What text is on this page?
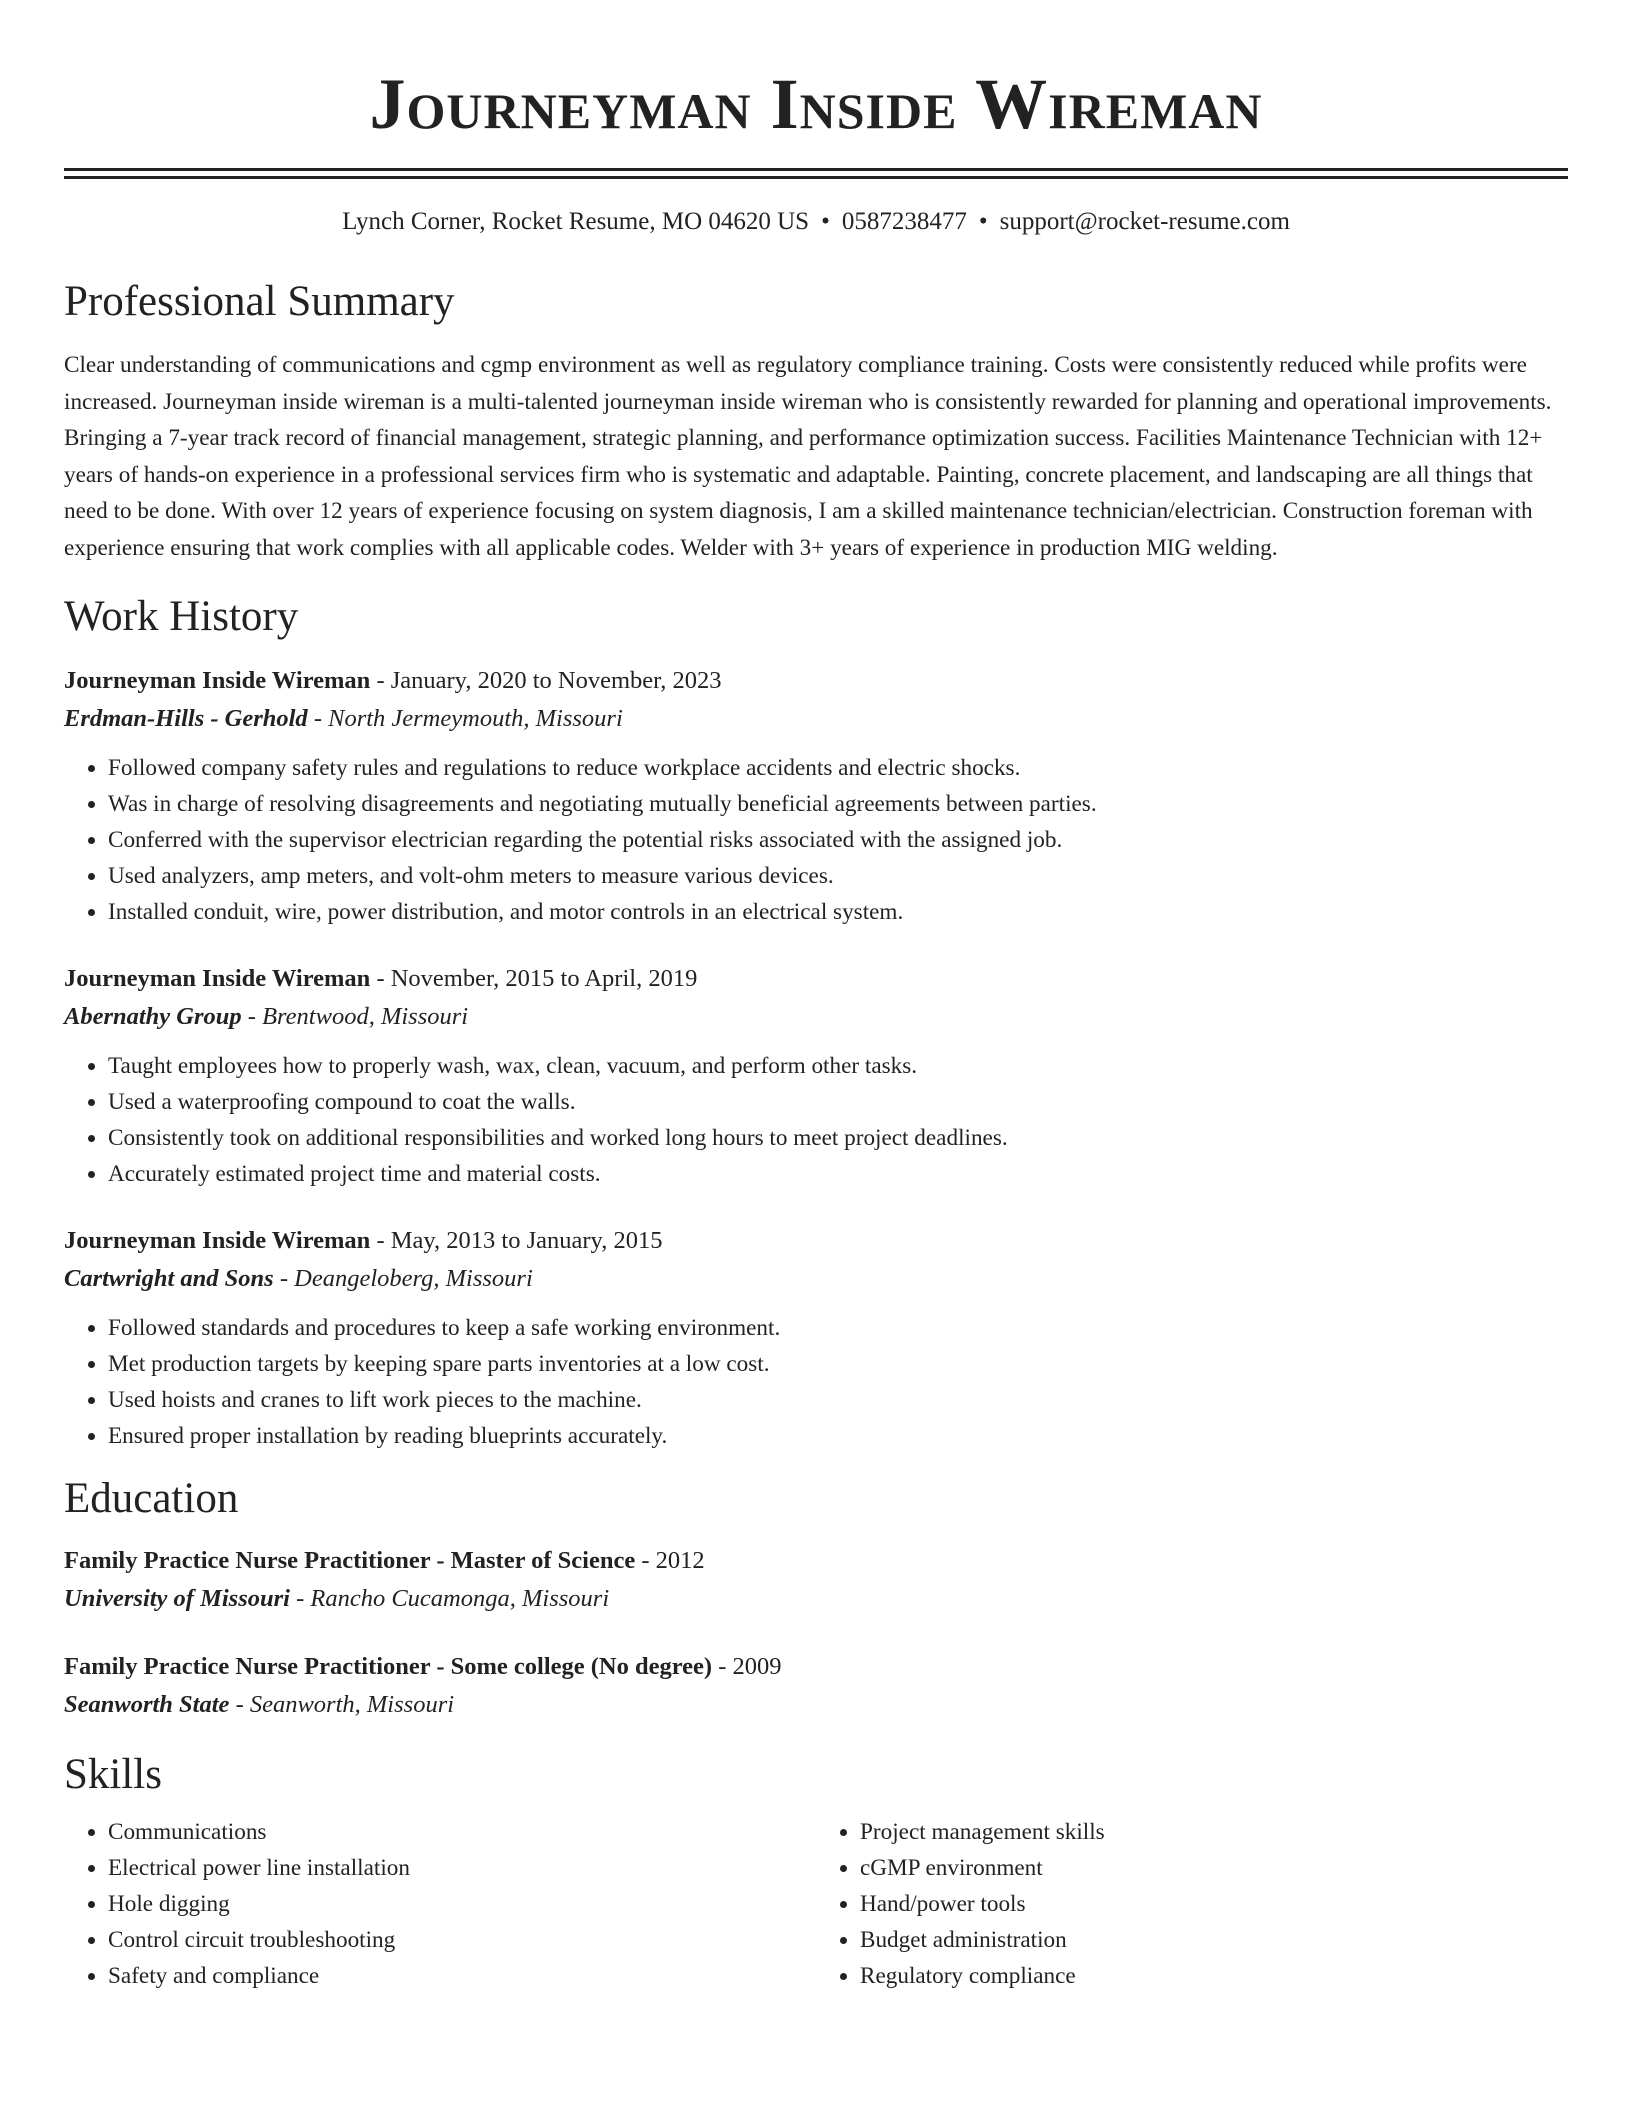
Journeyman Inside Wireman
Lynch Corner, Rocket Resume, MO 04620 US • 0587238477 • support@rocket-resume.com
Professional Summary
Clear understanding of communications and cgmp environment as well as regulatory compliance training. Costs were consistently reduced while profits were increased. Journeyman inside wireman is a multi-talented journeyman inside wireman who is consistently rewarded for planning and operational improvements. Bringing a 7-year track record of financial management, strategic planning, and performance optimization success. Facilities Maintenance Technician with 12+ years of hands-on experience in a professional services firm who is systematic and adaptable. Painting, concrete placement, and landscaping are all things that need to be done. With over 12 years of experience focusing on system diagnosis, I am a skilled maintenance technician/electrician. Construction foreman with experience ensuring that work complies with all applicable codes. Welder with 3+ years of experience in production MIG welding.
Work History
Journeyman Inside Wireman - January, 2020 to November, 2023
Erdman-Hills - Gerhold - North Jermeymouth, Missouri
• Followed company safety rules and regulations to reduce workplace accidents and electric shocks.
• Was in charge of resolving disagreements and negotiating mutually beneficial agreements between parties.
• Conferred with the supervisor electrician regarding the potential risks associated with the assigned job.
• Used analyzers, amp meters, and volt-ohm meters to measure various devices.
• Installed conduit, wire, power distribution, and motor controls in an electrical system.
Journeyman Inside Wireman - November, 2015 to April, 2019
Abernathy Group - Brentwood, Missouri
• Taught employees how to properly wash, wax, clean, vacuum, and perform other tasks.
• Used a waterproofing compound to coat the walls.
• Consistently took on additional responsibilities and worked long hours to meet project deadlines.
• Accurately estimated project time and material costs.
Journeyman Inside Wireman - May, 2013 to January, 2015
Cartwright and Sons - Deangeloberg, Missouri
• Followed standards and procedures to keep a safe working environment.
• Met production targets by keeping spare parts inventories at a low cost.
• Used hoists and cranes to lift work pieces to the machine.
• Ensured proper installation by reading blueprints accurately.
Education
Family Practice Nurse Practitioner - Master of Science - 2012
University of Missouri - Rancho Cucamonga, Missouri
Family Practice Nurse Practitioner - Some college (No degree) - 2009
Seanworth State - Seanworth, Missouri
Skills
• Communications
• Electrical power line installation
• Hole digging
• Control circuit troubleshooting
• Safety and compliance
• Project management skills
• cGMP environment
• Hand/power tools
• Budget administration
• Regulatory compliance
